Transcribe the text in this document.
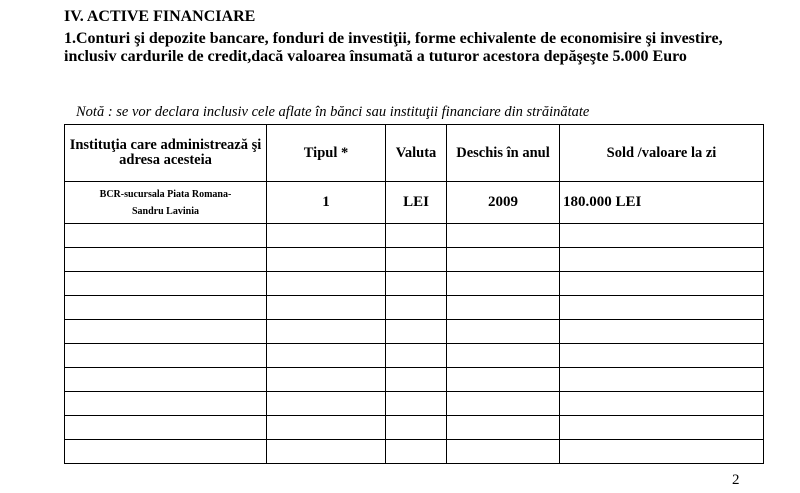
IV. ACTIVE FINANCIARE
1.Conturi şi depozite bancare, fonduri de investiţii, forme echivalente de economisire şi investire, inclusiv cardurile de credit,dacă valoarea însumată a tuturor acestora depăşeşte 5.000 Euro
Notă : se vor declara inclusiv cele aflate în bănci sau instituţii financiare din străinătate
Instituţia care administrează şi adresa acesteia	Tipul *	Valuta	Deschis în anul	Sold /valoare la zi

BCR-sucursala Piata Romana-
Sandru Lavinia	1	LEI	2009	180.000 LEI

2
